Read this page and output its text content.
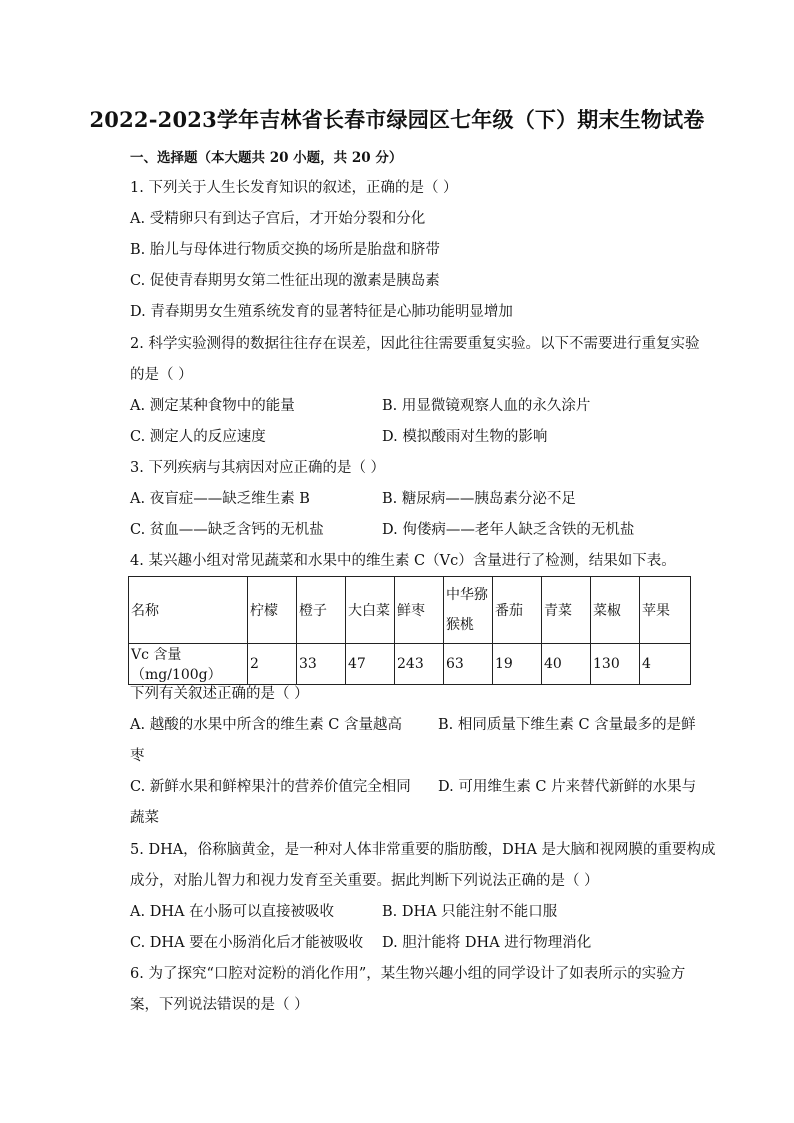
2022-2023学年吉林省长春市绿园区七年级（下）期末生物试卷
一、选择题（本大题共 20 小题，共 20 分）
1. 下列关于人生长发育知识的叙述，正确的是（ ）
A. 受精卵只有到达子宫后，才开始分裂和分化
B. 胎儿与母体进行物质交换的场所是胎盘和脐带
C. 促使青春期男女第二性征出现的激素是胰岛素
D. 青春期男女生殖系统发育的显著特征是心肺功能明显增加
2. 科学实验测得的数据往往存在误差，因此往往需要重复实验。以下不需要进行重复实验
的是（ ）
A. 测定某种食物中的能量	B. 用显微镜观察人血的永久涂片
C. 测定人的反应速度	D. 模拟酸雨对生物的影响
3. 下列疾病与其病因对应正确的是（ ）
A. 夜盲症——缺乏维生素 B	B. 糖尿病——胰岛素分泌不足
C. 贫血——缺乏含钙的无机盐	D. 佝偻病——老年人缺乏含铁的无机盐
4. 某兴趣小组对常见蔬菜和水果中的维生素 C（Vc）含量进行了检测，结果如下表。
名称	柠檬	橙子	大白菜	鲜枣	中华猕猴桃	番茄	青菜	菜椒	苹果
Vc 含量（mg/100g）	2	33	47	243	63	19	40	130	4
下列有关叙述正确的是（ ）
A. 越酸的水果中所含的维生素 C 含量越高 B. 相同质量下维生素 C 含量最多的是鲜
枣
C. 新鲜水果和鲜榨果汁的营养价值完全相同 D. 可用维生素 C 片来替代新鲜的水果与
蔬菜
5. DHA，俗称脑黄金，是一种对人体非常重要的脂肪酸，DHA 是大脑和视网膜的重要构成
成分，对胎儿智力和视力发育至关重要。据此判断下列说法正确的是（ ）
A. DHA 在小肠可以直接被吸收	B. DHA 只能注射不能口服
C. DHA 要在小肠消化后才能被吸收 D. 胆汁能将 DHA 进行物理消化
6. 为了探究“口腔对淀粉的消化作用”，某生物兴趣小组的同学设计了如表所示的实验方
案，下列说法错误的是（ ）
